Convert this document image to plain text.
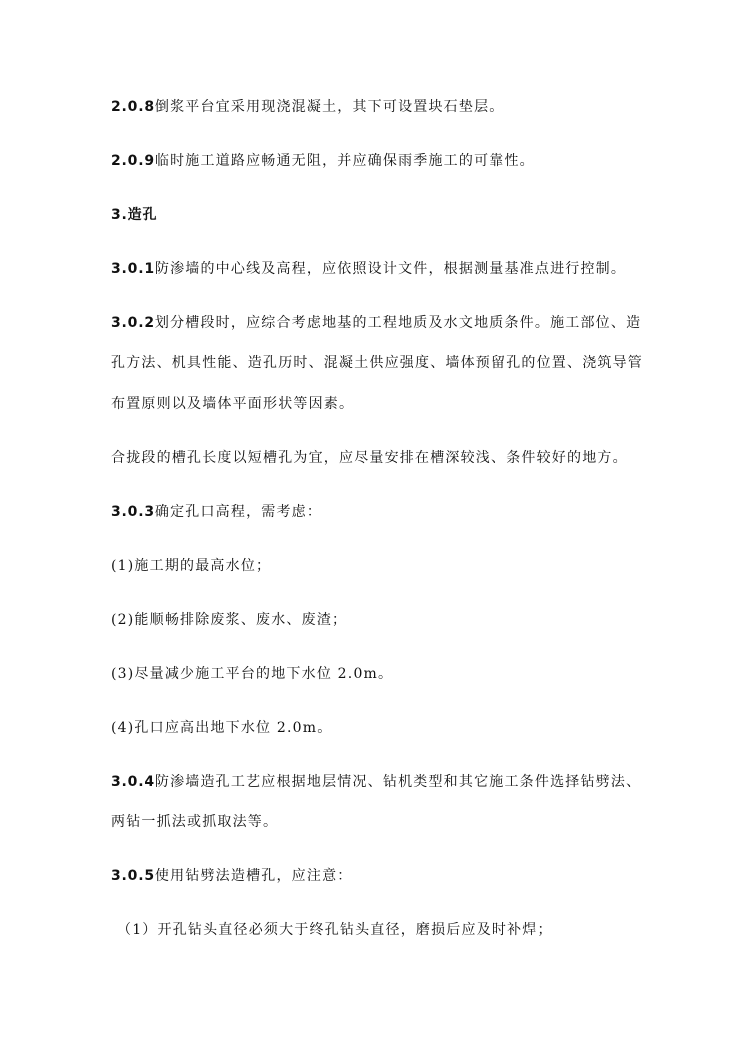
2.0.8倒浆平台宜采用现浇混凝土，其下可设置块石垫层。
2.0.9临时施工道路应畅通无阻，并应确保雨季施工的可靠性。
3.造孔
3.0.1防渗墙的中心线及高程，应依照设计文件，根据测量基准点进行控制。
3.0.2划分槽段时，应综合考虑地基的工程地质及水文地质条件。施工部位、造
孔方法、机具性能、造孔历时、混凝土供应强度、墙体预留孔的位置、浇筑导管
布置原则以及墙体平面形状等因素。
合拢段的槽孔长度以短槽孔为宜，应尽量安排在槽深较浅、条件较好的地方。
3.0.3确定孔口高程，需考虑：
(1)施工期的最高水位；
(2)能顺畅排除废浆、废水、废渣；
(3)尽量减少施工平台的地下水位 2.0m。
(4)孔口应高出地下水位 2.0m。
3.0.4防渗墙造孔工艺应根据地层情况、钻机类型和其它施工条件选择钻劈法、
两钻一抓法或抓取法等。
3.0.5使用钻劈法造槽孔，应注意：
（1）开孔钻头直径必须大于终孔钻头直径，磨损后应及时补焊；
